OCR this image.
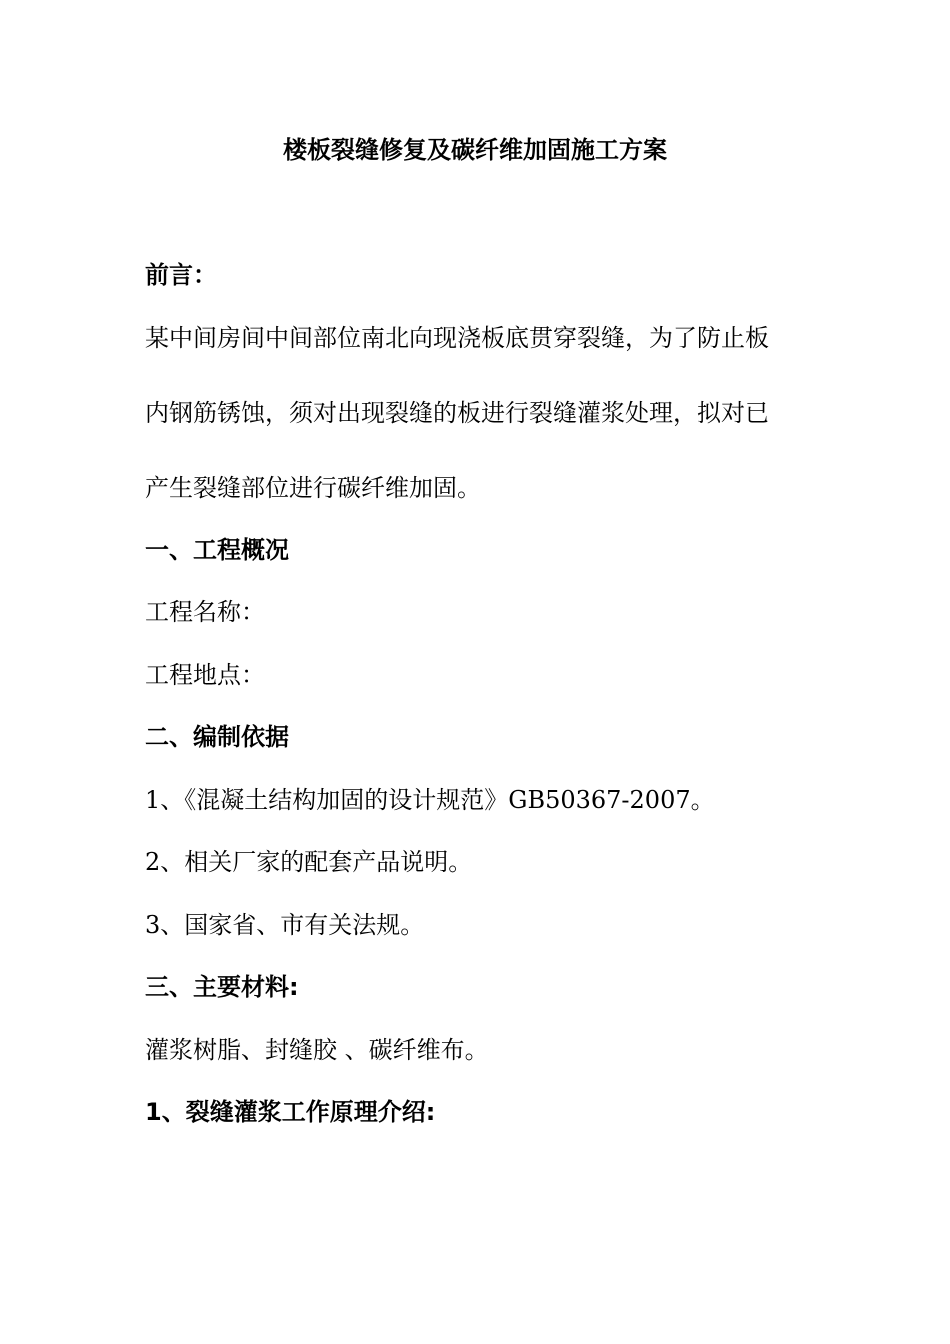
楼板裂缝修复及碳纤维加固施工方案
前言：
某中间房间中间部位南北向现浇板底贯穿裂缝，为了防止板
内钢筋锈蚀，须对出现裂缝的板进行裂缝灌浆处理，拟对已
产生裂缝部位进行碳纤维加固。
一、工程概况
工程名称：
工程地点：
二、编制依据
1、《混凝土结构加固的设计规范》GB50367-2007。
2、相关厂家的配套产品说明。
3、国家省、市有关法规。
三、主要材料:
灌浆树脂、封缝胶 、碳纤维布。
1、裂缝灌浆工作原理介绍:
